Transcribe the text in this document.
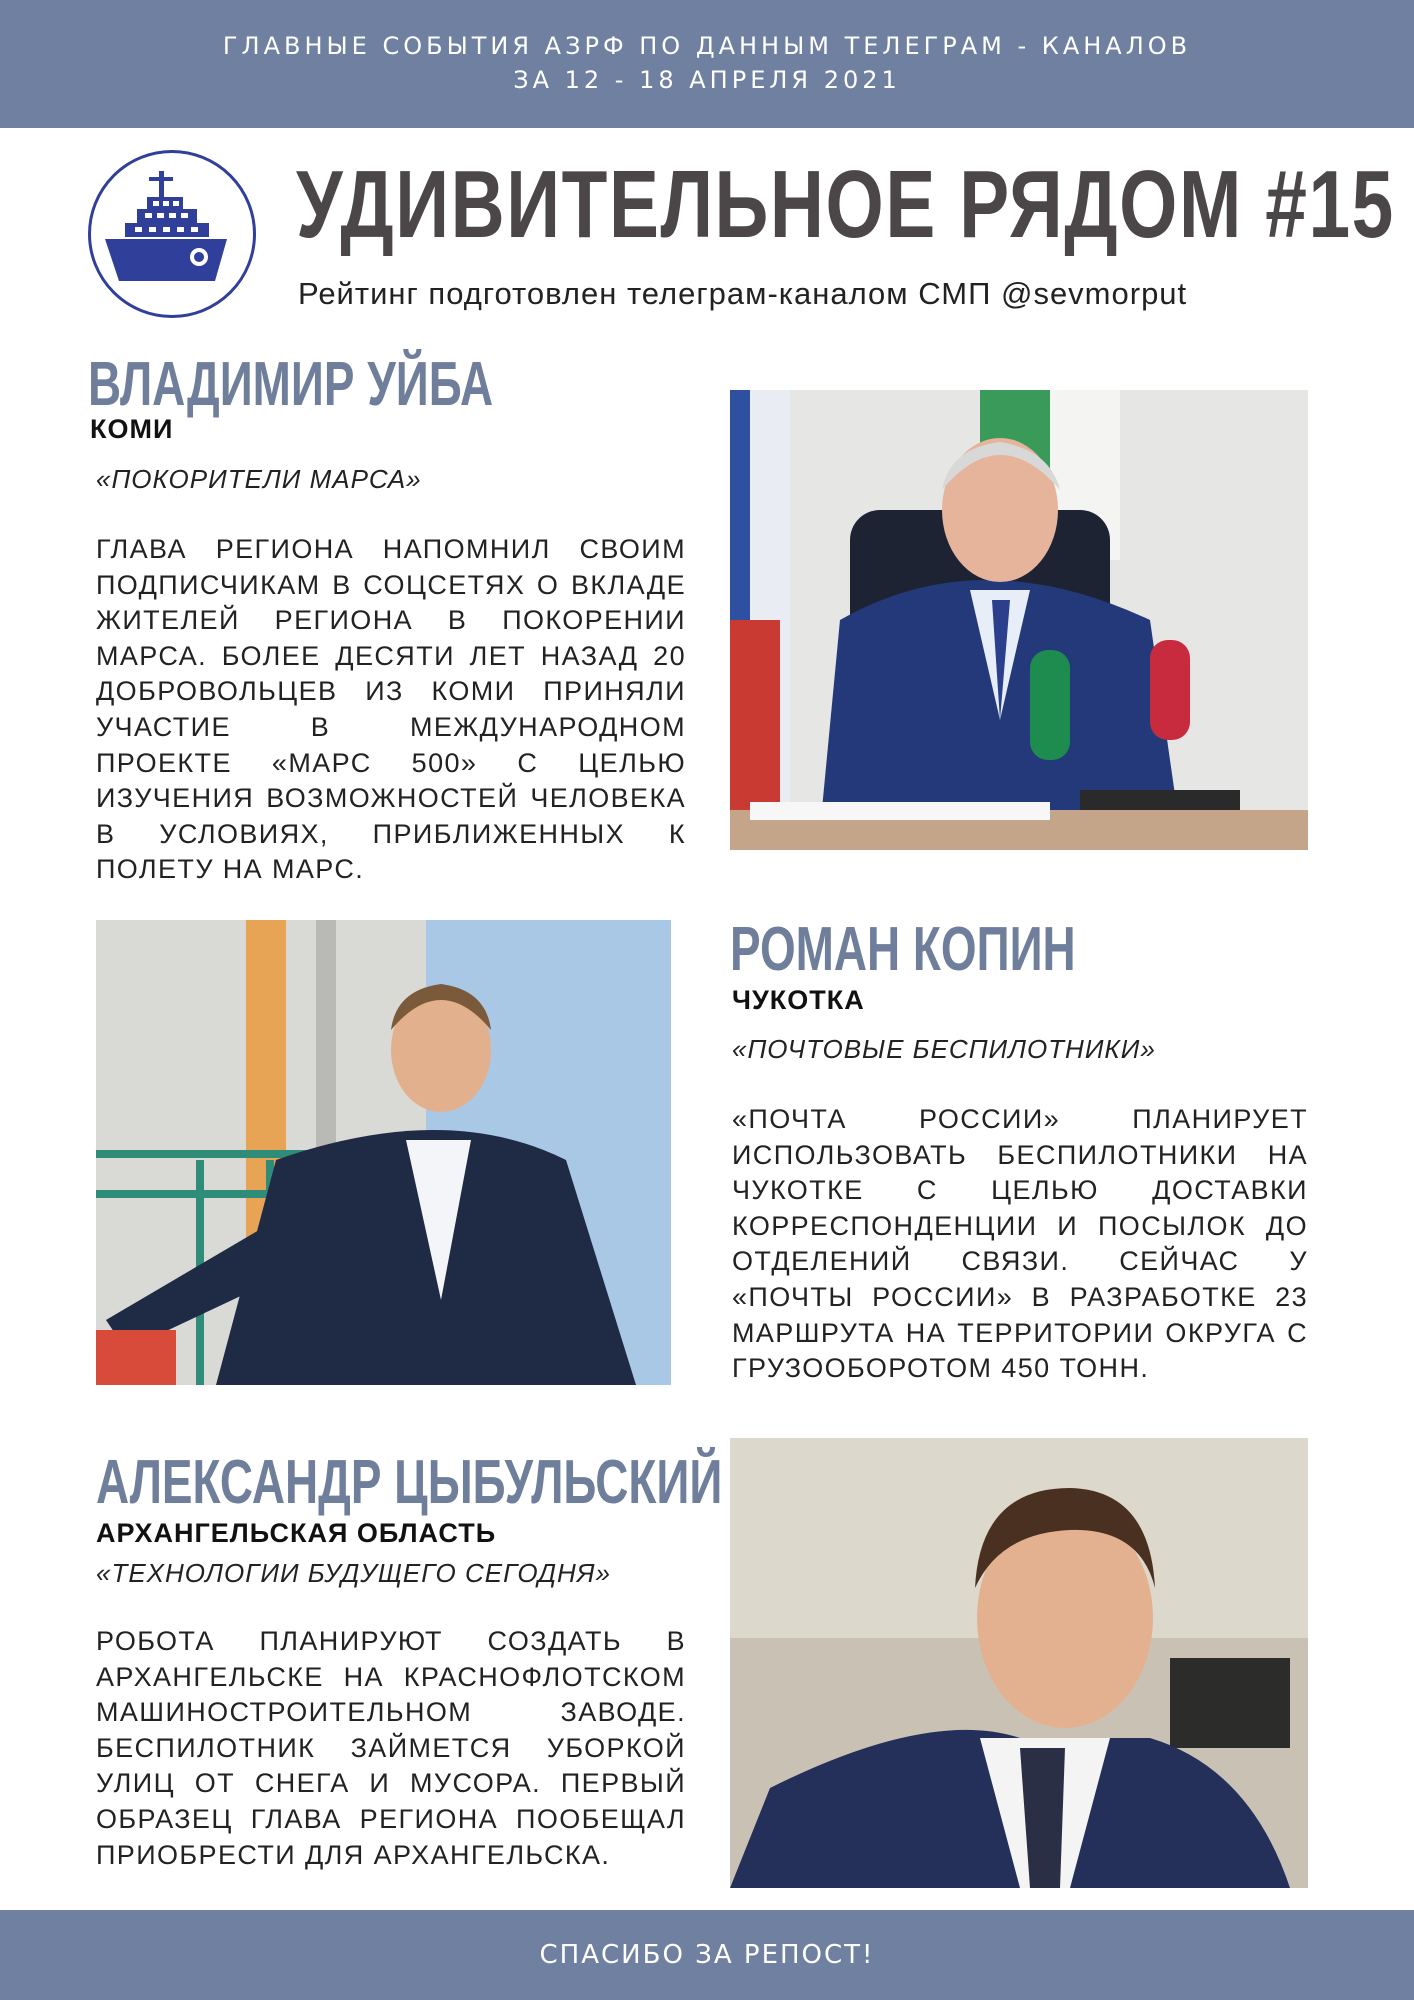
ГЛАВНЫЕ СОБЫТИЯ АЗРФ ПО ДАННЫМ ТЕЛЕГРАМ - КАНАЛОВ
ЗА 12 - 18 АПРЕЛЯ 2021
УДИВИТЕЛЬНОЕ РЯДОМ #15
Рейтинг подготовлен телеграм-каналом СМП @sevmorput
ВЛАДИМИР УЙБА
КОМИ
«ПОКОРИТЕЛИ МАРСА»
ГЛАВА РЕГИОНА НАПОМНИЛ СВОИМ ПОДПИСЧИКАМ В СОЦСЕТЯХ О ВКЛАДЕ ЖИТЕЛЕЙ РЕГИОНА В ПОКОРЕНИИ МАРСА. БОЛЕЕ ДЕСЯТИ ЛЕТ НАЗАД 20 ДОБРОВОЛЬЦЕВ ИЗ КОМИ ПРИНЯЛИ УЧАСТИЕ В МЕЖДУНАРОДНОМ ПРОЕКТЕ «МАРС 500» С ЦЕЛЬЮ ИЗУЧЕНИЯ ВОЗМОЖНОСТЕЙ ЧЕЛОВЕКА В УСЛОВИЯХ, ПРИБЛИЖЕННЫХ К ПОЛЕТУ НА МАРС.
РОМАН КОПИН
ЧУКОТКА
«ПОЧТОВЫЕ БЕСПИЛОТНИКИ»
«ПОЧТА РОССИИ» ПЛАНИРУЕТ ИСПОЛЬЗОВАТЬ БЕСПИЛОТНИКИ НА ЧУКОТКЕ С ЦЕЛЬЮ ДОСТАВКИ КОРРЕСПОНДЕНЦИИ И ПОСЫЛОК ДО ОТДЕЛЕНИЙ СВЯЗИ. СЕЙЧАС У «ПОЧТЫ РОССИИ» В РАЗРАБОТКЕ 23 МАРШРУТА НА ТЕРРИТОРИИ ОКРУГА С ГРУЗООБОРОТОМ 450 ТОНН.
АЛЕКСАНДР ЦЫБУЛЬСКИЙ
АРХАНГЕЛЬСКАЯ ОБЛАСТЬ
«ТЕХНОЛОГИИ БУДУЩЕГО СЕГОДНЯ»
РОБОТА ПЛАНИРУЮТ СОЗДАТЬ В АРХАНГЕЛЬСКЕ НА КРАСНОФЛОТСКОМ МАШИНОСТРОИТЕЛЬНОМ ЗАВОДЕ. БЕСПИЛОТНИК ЗАЙМЕТСЯ УБОРКОЙ УЛИЦ ОТ СНЕГА И МУСОРА. ПЕРВЫЙ ОБРАЗЕЦ ГЛАВА РЕГИОНА ПООБЕЩАЛ ПРИОБРЕСТИ ДЛЯ АРХАНГЕЛЬСКА.
СПАСИБО ЗА РЕПОСТ!
